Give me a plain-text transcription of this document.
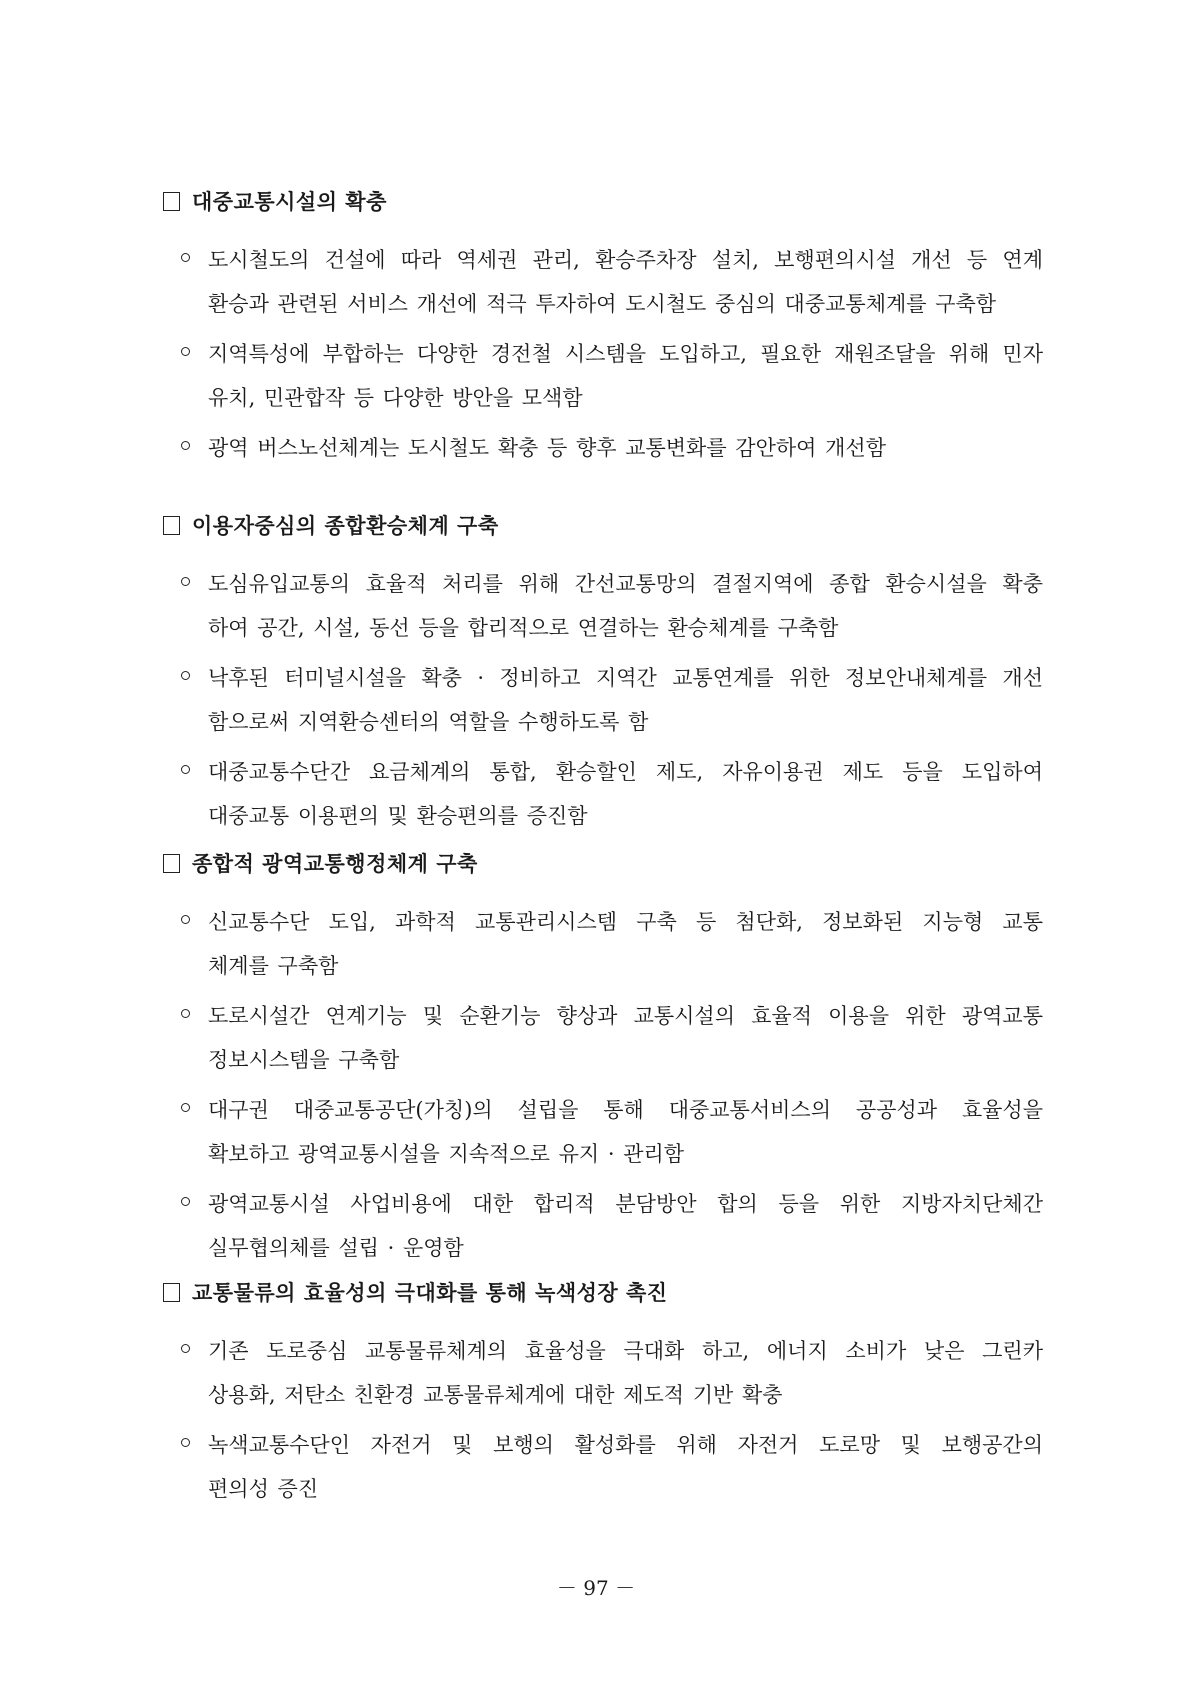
대중교통시설의 확충
도시철도의 건설에 따라 역세권 관리, 환승주차장 설치, 보행편의시설 개선 등 연계
환승과 관련된 서비스 개선에 적극 투자하여 도시철도 중심의 대중교통체계를 구축함
지역특성에 부합하는 다양한 경전철 시스템을 도입하고, 필요한 재원조달을 위해 민자
유치, 민관합작 등 다양한 방안을 모색함
광역 버스노선체계는 도시철도 확충 등 향후 교통변화를 감안하여 개선함
이용자중심의 종합환승체계 구축
도심유입교통의 효율적 처리를 위해 간선교통망의 결절지역에 종합 환승시설을 확충
하여 공간, 시설, 동선 등을 합리적으로 연결하는 환승체계를 구축함
낙후된 터미널시설을 확충 · 정비하고 지역간 교통연계를 위한 정보안내체계를 개선
함으로써 지역환승센터의 역할을 수행하도록 함
대중교통수단간 요금체계의 통합, 환승할인 제도, 자유이용권 제도 등을 도입하여
대중교통 이용편의 및 환승편의를 증진함
종합적 광역교통행정체계 구축
신교통수단 도입, 과학적 교통관리시스템 구축 등 첨단화, 정보화된 지능형 교통
체계를 구축함
도로시설간 연계기능 및 순환기능 향상과 교통시설의 효율적 이용을 위한 광역교통
정보시스템을 구축함
대구권 대중교통공단(가칭)의 설립을 통해 대중교통서비스의 공공성과 효율성을
확보하고 광역교통시설을 지속적으로 유지 · 관리함
광역교통시설 사업비용에 대한 합리적 분담방안 합의 등을 위한 지방자치단체간
실무협의체를 설립 · 운영함
교통물류의 효율성의 극대화를 통해 녹색성장 촉진
기존 도로중심 교통물류체계의 효율성을 극대화 하고, 에너지 소비가 낮은 그린카
상용화, 저탄소 친환경 교통물류체계에 대한 제도적 기반 확충
녹색교통수단인 자전거 및 보행의 활성화를 위해 자전거 도로망 및 보행공간의
편의성 증진
－ 97 －
